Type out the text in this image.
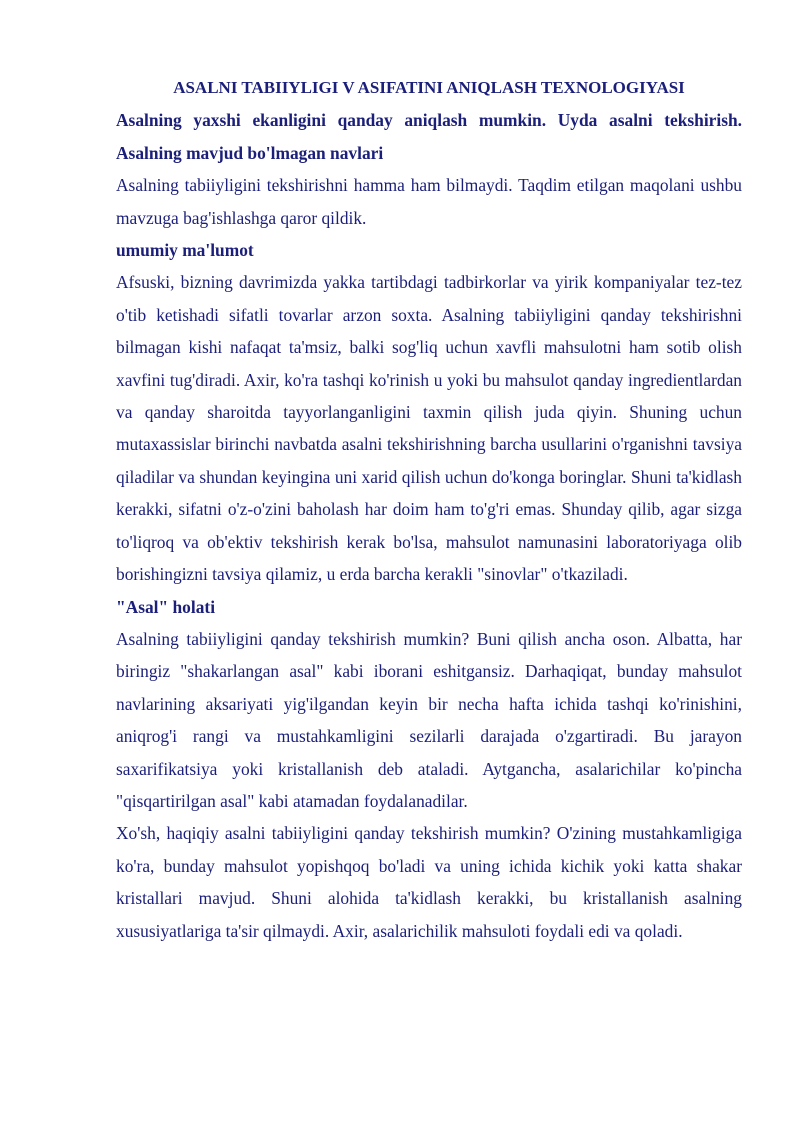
ASALNI TABIIYLIGI V ASIFATINI ANIQLASH TEXNOLOGIYASI

Asalning yaxshi ekanligini qanday aniqlash mumkin. Uyda asalni tekshirish. Asalning mavjud bo'lmagan navlari

Asalning tabiiyligini tekshirishni hamma ham bilmaydi. Taqdim etilgan maqolani ushbu mavzuga bag'ishlashga qaror qildik.

umumiy ma'lumot

Afsuski, bizning davrimizda yakka tartibdagi tadbirkorlar va yirik kompaniyalar tez-tez o'tib ketishadi sifatli tovarlar arzon soxta. Asalning tabiiyligini qanday tekshirishni bilmagan kishi nafaqat ta'msiz, balki sog'liq uchun xavfli mahsulotni ham sotib olish xavfini tug'diradi. Axir, ko'ra tashqi ko'rinish u yoki bu mahsulot qanday ingredientlardan va qanday sharoitda tayyorlanganligini taxmin qilish juda qiyin. Shuning uchun mutaxassislar birinchi navbatda asalni tekshirishning barcha usullarini o'rganishni tavsiya qiladilar va shundan keyingina uni xarid qilish uchun do'konga boringlar. Shuni ta'kidlash kerakki, sifatni o'z-o'zini baholash har doim ham to'g'ri emas. Shunday qilib, agar sizga to'liqroq va ob'ektiv tekshirish kerak bo'lsa, mahsulot namunasini laboratoriyaga olib borishingizni tavsiya qilamiz, u erda barcha kerakli "sinovlar" o'tkaziladi.

"Asal" holati

Asalning tabiiyligini qanday tekshirish mumkin? Buni qilish ancha oson. Albatta, har biringiz "shakarlangan asal" kabi iborani eshitgansiz. Darhaqiqat, bunday mahsulot navlarining aksariyati yig'ilgandan keyin bir necha hafta ichida tashqi ko'rinishini, aniqrog'i rangi va mustahkamligini sezilarli darajada o'zgartiradi. Bu jarayon saxarifikatsiya yoki kristallanish deb ataladi. Aytgancha, asalarichilar ko'pincha "qisqartirilgan asal" kabi atamadan foydalanadilar.

Xo'sh, haqiqiy asalni tabiiyligini qanday tekshirish mumkin? O'zining mustahkamligiga ko'ra, bunday mahsulot yopishqoq bo'ladi va uning ichida kichik yoki katta shakar kristallari mavjud. Shuni alohida ta'kidlash kerakki, bu kristallanish asalning xususiyatlariga ta'sir qilmaydi. Axir, asalarichilik mahsuloti foydali edi va qoladi.
